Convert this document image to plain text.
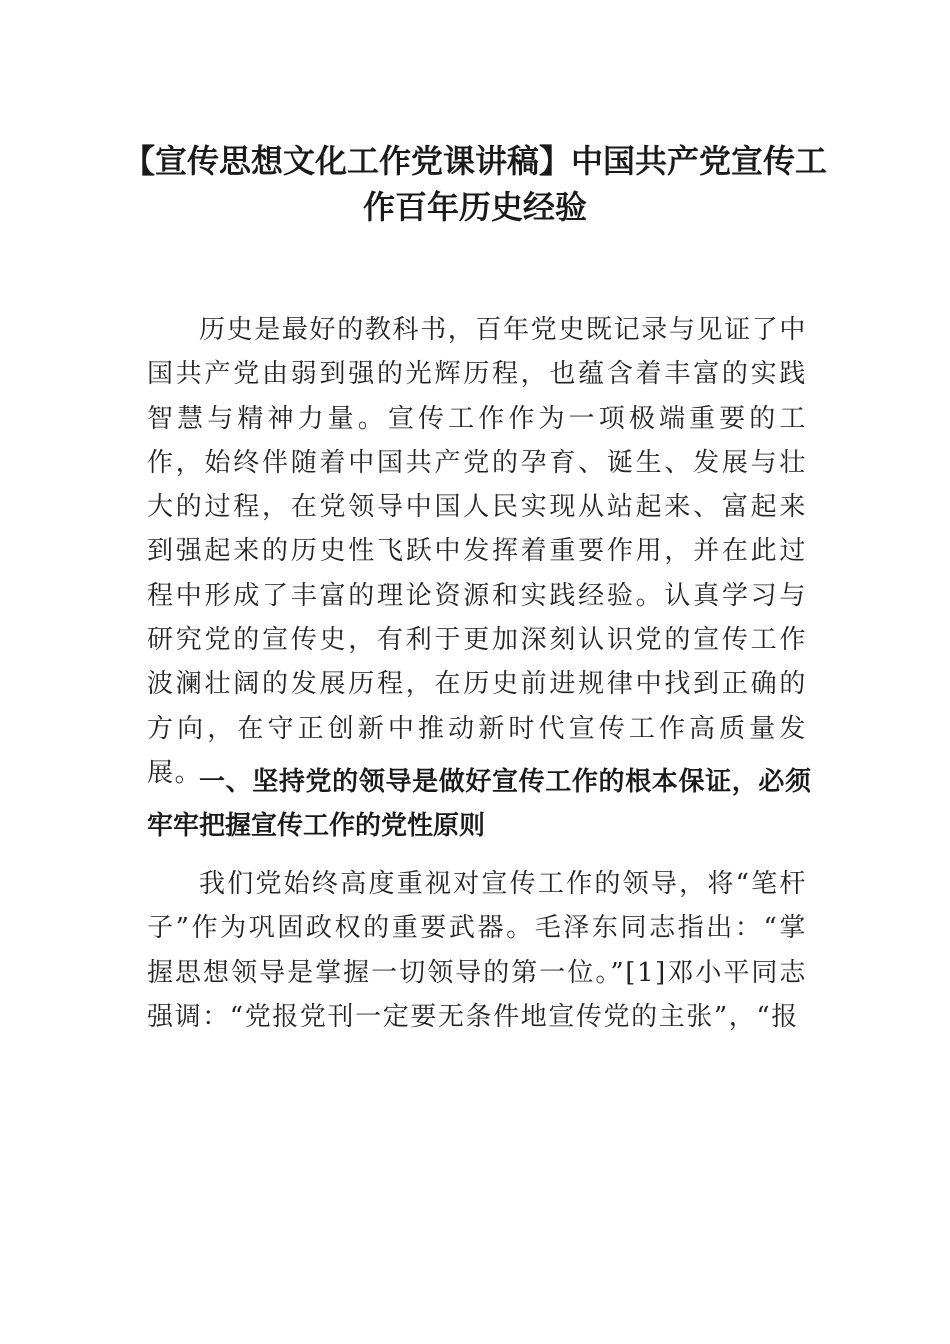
【宣传思想文化工作党课讲稿】中国共产党宣传工作百年历史经验

历史是最好的教科书，百年党史既记录与见证了中国共产党由弱到强的光辉历程，也蕴含着丰富的实践智慧与精神力量。宣传工作作为一项极端重要的工作，始终伴随着中国共产党的孕育、诞生、发展与壮大的过程，在党领导中国人民实现从站起来、富起来到强起来的历史性飞跃中发挥着重要作用，并在此过程中形成了丰富的理论资源和实践经验。认真学习与研究党的宣传史，有利于更加深刻认识党的宣传工作波澜壮阔的发展历程，在历史前进规律中找到正确的方向，在守正创新中推动新时代宣传工作高质量发展。

一、坚持党的领导是做好宣传工作的根本保证，必须牢牢把握宣传工作的党性原则

我们党始终高度重视对宣传工作的领导，将“笔杆子”作为巩固政权的重要武器。毛泽东同志指出：“掌握思想领导是掌握一切领导的第一位。”[1]邓小平同志强调：“党报党刊一定要无条件地宣传党的主张”，“报
